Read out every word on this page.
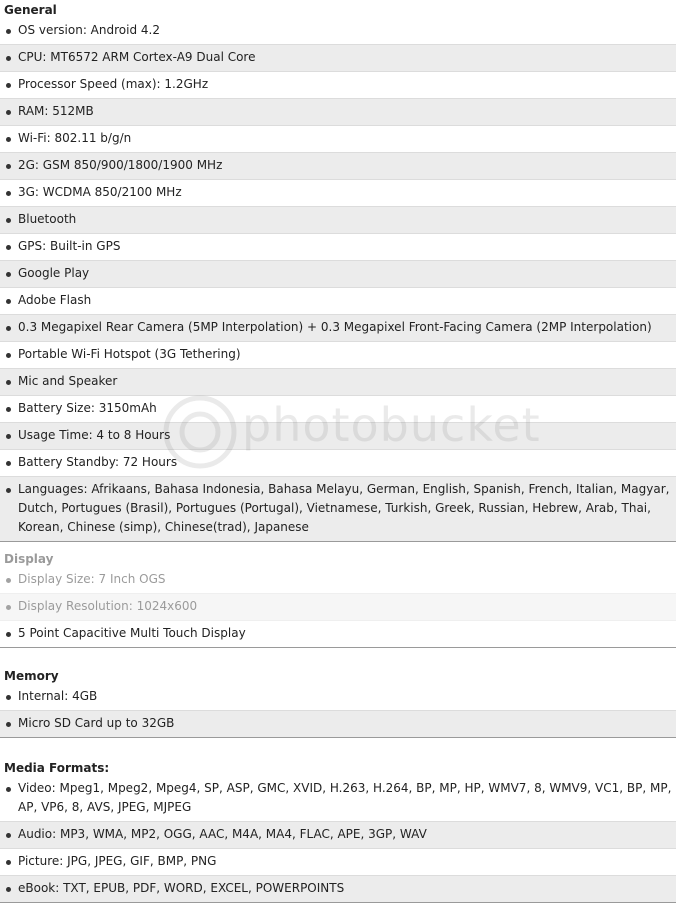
General
OS version: Android 4.2
CPU: MT6572 ARM Cortex-A9 Dual Core
Processor Speed (max): 1.2GHz
RAM: 512MB
Wi-Fi: 802.11 b/g/n
2G: GSM 850/900/1800/1900 MHz
3G: WCDMA 850/2100 MHz
Bluetooth
GPS: Built-in GPS
Google Play
Adobe Flash
0.3 Megapixel Rear Camera (5MP Interpolation) + 0.3 Megapixel Front-Facing Camera (2MP Interpolation)
Portable Wi-Fi Hotspot (3G Tethering)
Mic and Speaker
Battery Size: 3150mAh
Usage Time: 4 to 8 Hours
Battery Standby: 72 Hours
Languages: Afrikaans, Bahasa Indonesia, Bahasa Melayu, German, English, Spanish, French, Italian, Magyar, Dutch, Portugues (Brasil), Portugues (Portugal), Vietnamese, Turkish, Greek, Russian, Hebrew, Arab, Thai, Korean, Chinese (simp), Chinese(trad), Japanese
Display
Display Size: 7 Inch OGS
Display Resolution: 1024x600
5 Point Capacitive Multi Touch Display
Memory
Internal: 4GB
Micro SD Card up to 32GB
Media Formats:
Video: Mpeg1, Mpeg2, Mpeg4, SP, ASP, GMC, XVID, H.263, H.264, BP, MP, HP, WMV7, 8, WMV9, VC1, BP, MP, AP, VP6, 8, AVS, JPEG, MJPEG
Audio: MP3, WMA, MP2, OGG, AAC, M4A, MA4, FLAC, APE, 3GP, WAV
Picture: JPG, JPEG, GIF, BMP, PNG
eBook: TXT, EPUB, PDF, WORD, EXCEL, POWERPOINTS
